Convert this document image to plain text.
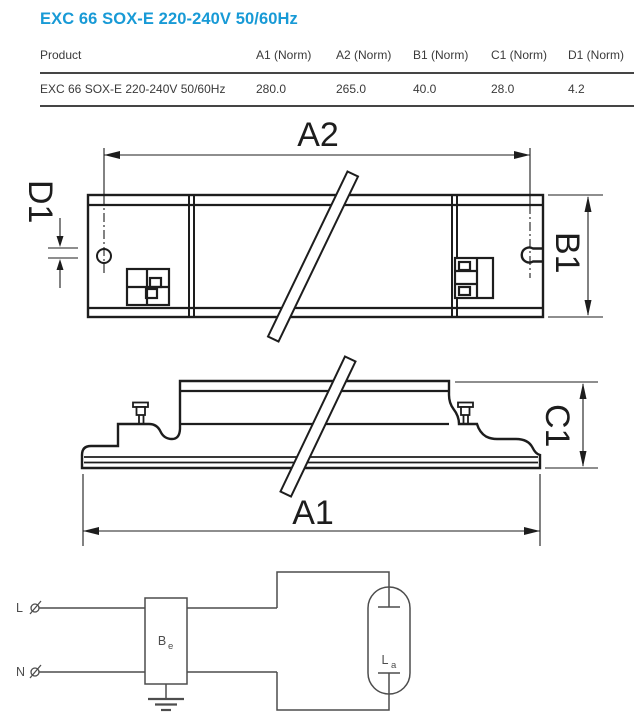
EXC 66 SOX-E 220-240V 50/60Hz
Product	A1 (Norm)	A2 (Norm)	B1 (Norm)	C1 (Norm)	D1 (Norm)
EXC 66 SOX-E 220-240V 50/60Hz	280.0	265.0	40.0	28.0	4.2
A2
D1
B1
C1
A1
L
N
B e
L a
